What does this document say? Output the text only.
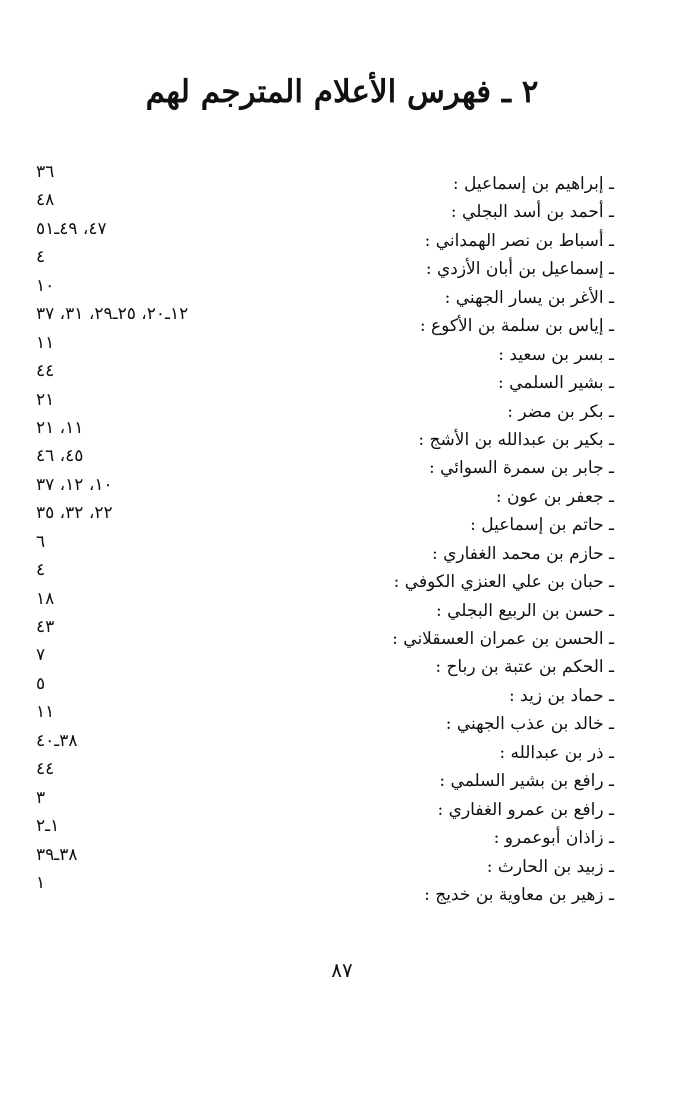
٢ ـ فهرس الأعلام المترجم لهم
ـ إبراهيم بن إسماعيل :
٣٦
ـ أحمد بن أسد البجلي :
٤٨
ـ أسباط بن نصر الهمداني :
٤٧، ٤٩ـ٥١
ـ إسماعيل بن أبان الأزدي :
٤
ـ الأغر بن يسار الجهني :
١٠
ـ إياس بن سلمة بن الأكوع :
١٢ـ٢٠، ٢٥ـ٢٩، ٣١، ٣٧
ـ بسر بن سعيد :
١١
ـ بشير السلمي :
٤٤
ـ بكر بن مضر :
٢١
ـ بكير بن عبدالله بن الأشج :
١١، ٢١
ـ جابر بن سمرة السوائي :
٤٥، ٤٦
ـ جعفر بن عون :
١٠، ١٢، ٣٧
ـ حاتم بن إسماعيل :
٢٢، ٣٢، ٣٥
ـ حازم بن محمد الغفاري :
٦
ـ حبان بن علي العنزي الكوفي :
٤
ـ حسن بن الربيع البجلي :
١٨
ـ الحسن بن عمران العسقلاني :
٤٣
ـ الحكم بن عتبة بن رباح :
٧
ـ حماد بن زيد :
٥
ـ خالد بن عذب الجهني :
١١
ـ ذر بن عبدالله :
٣٨ـ٤٠
ـ رافع بن بشير السلمي :
٤٤
ـ رافع بن عمرو الغفاري :
٣
ـ زاذان أبوعمرو :
١ـ٢
ـ زبيد بن الحارث :
٣٨ـ٣٩
ـ زهير بن معاوية بن خديج :
١
٨٧
